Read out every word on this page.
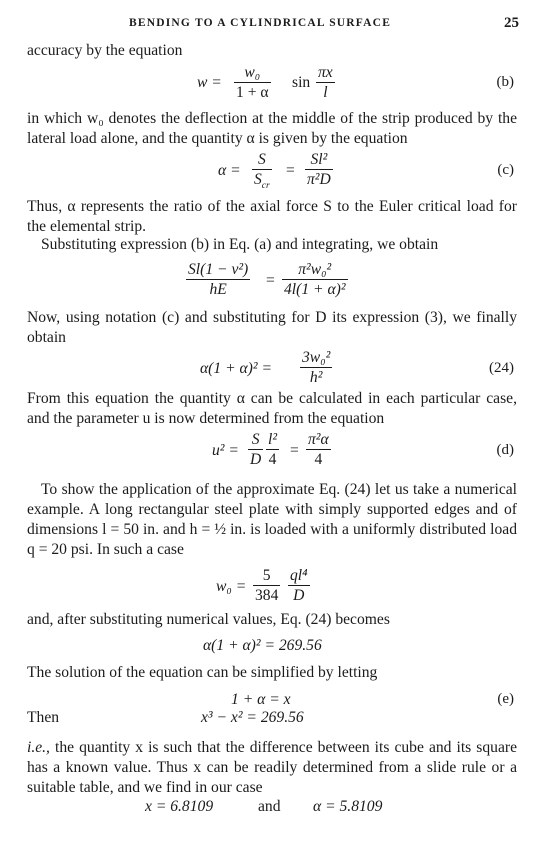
BENDING TO A CYLINDRICAL SURFACE	25
accuracy by the equation
$w = \frac{\text{w₀}}{1 + \alpha}$ $\sin \frac{\pi x}{l}$	(b)
in which w₀ denotes the deflection at the middle of the strip produced by the lateral load alone, and the quantity α is given by the equation
α =
S
$S_{cr}$
= $\frac{\text{Sl²}}{\text{π²D}}$	(c)
Thus, α represents the ratio of the axial force S to the Euler critical load for the elemental strip.
Substituting expression (b) in Eq. (a) and integrating, we obtain
$\frac{\text{Sl(1 − ν²)}}{hE} = \frac{\text{π²w₀²}}{\text{4l(1 + α)²}}$
Now, using notation (c) and substituting for D its expression (3), we finally obtain
$\alpha(1 + \alpha)^2 = \frac{\text{3w₀²}}{\text{h²}}$	(24)
From this equation the quantity α can be calculated in each particular case, and the parameter u is now determined from the equation
$u^2 = \frac{S}{D} \frac{\text{l²}}{4} = \frac{\text{π²α}}{4}$	(d)
To show the application of the approximate Eq. (24) let us take a numerical example. A long rectangular steel plate with simply supported edges and of dimensions l = 50 in. and h = ½ in. is loaded with a uniformly distributed load q = 20 psi. In such a case
$w_0 = \frac{5}{384} \frac{\text{ql⁴}}{D}$
and, after substituting numerical values, Eq. (24) becomes
α(1 + α)² = 269.56
The solution of the equation can be simplified by letting
1 + α = x	(e)
Then	x³ − x² = 269.56
i.e., the quantity x is such that the difference between its cube and its square has a known value. Thus x can be readily determined from a slide rule or a suitable table, and we find in our case
x = 6.8109	and α = 5.8109
